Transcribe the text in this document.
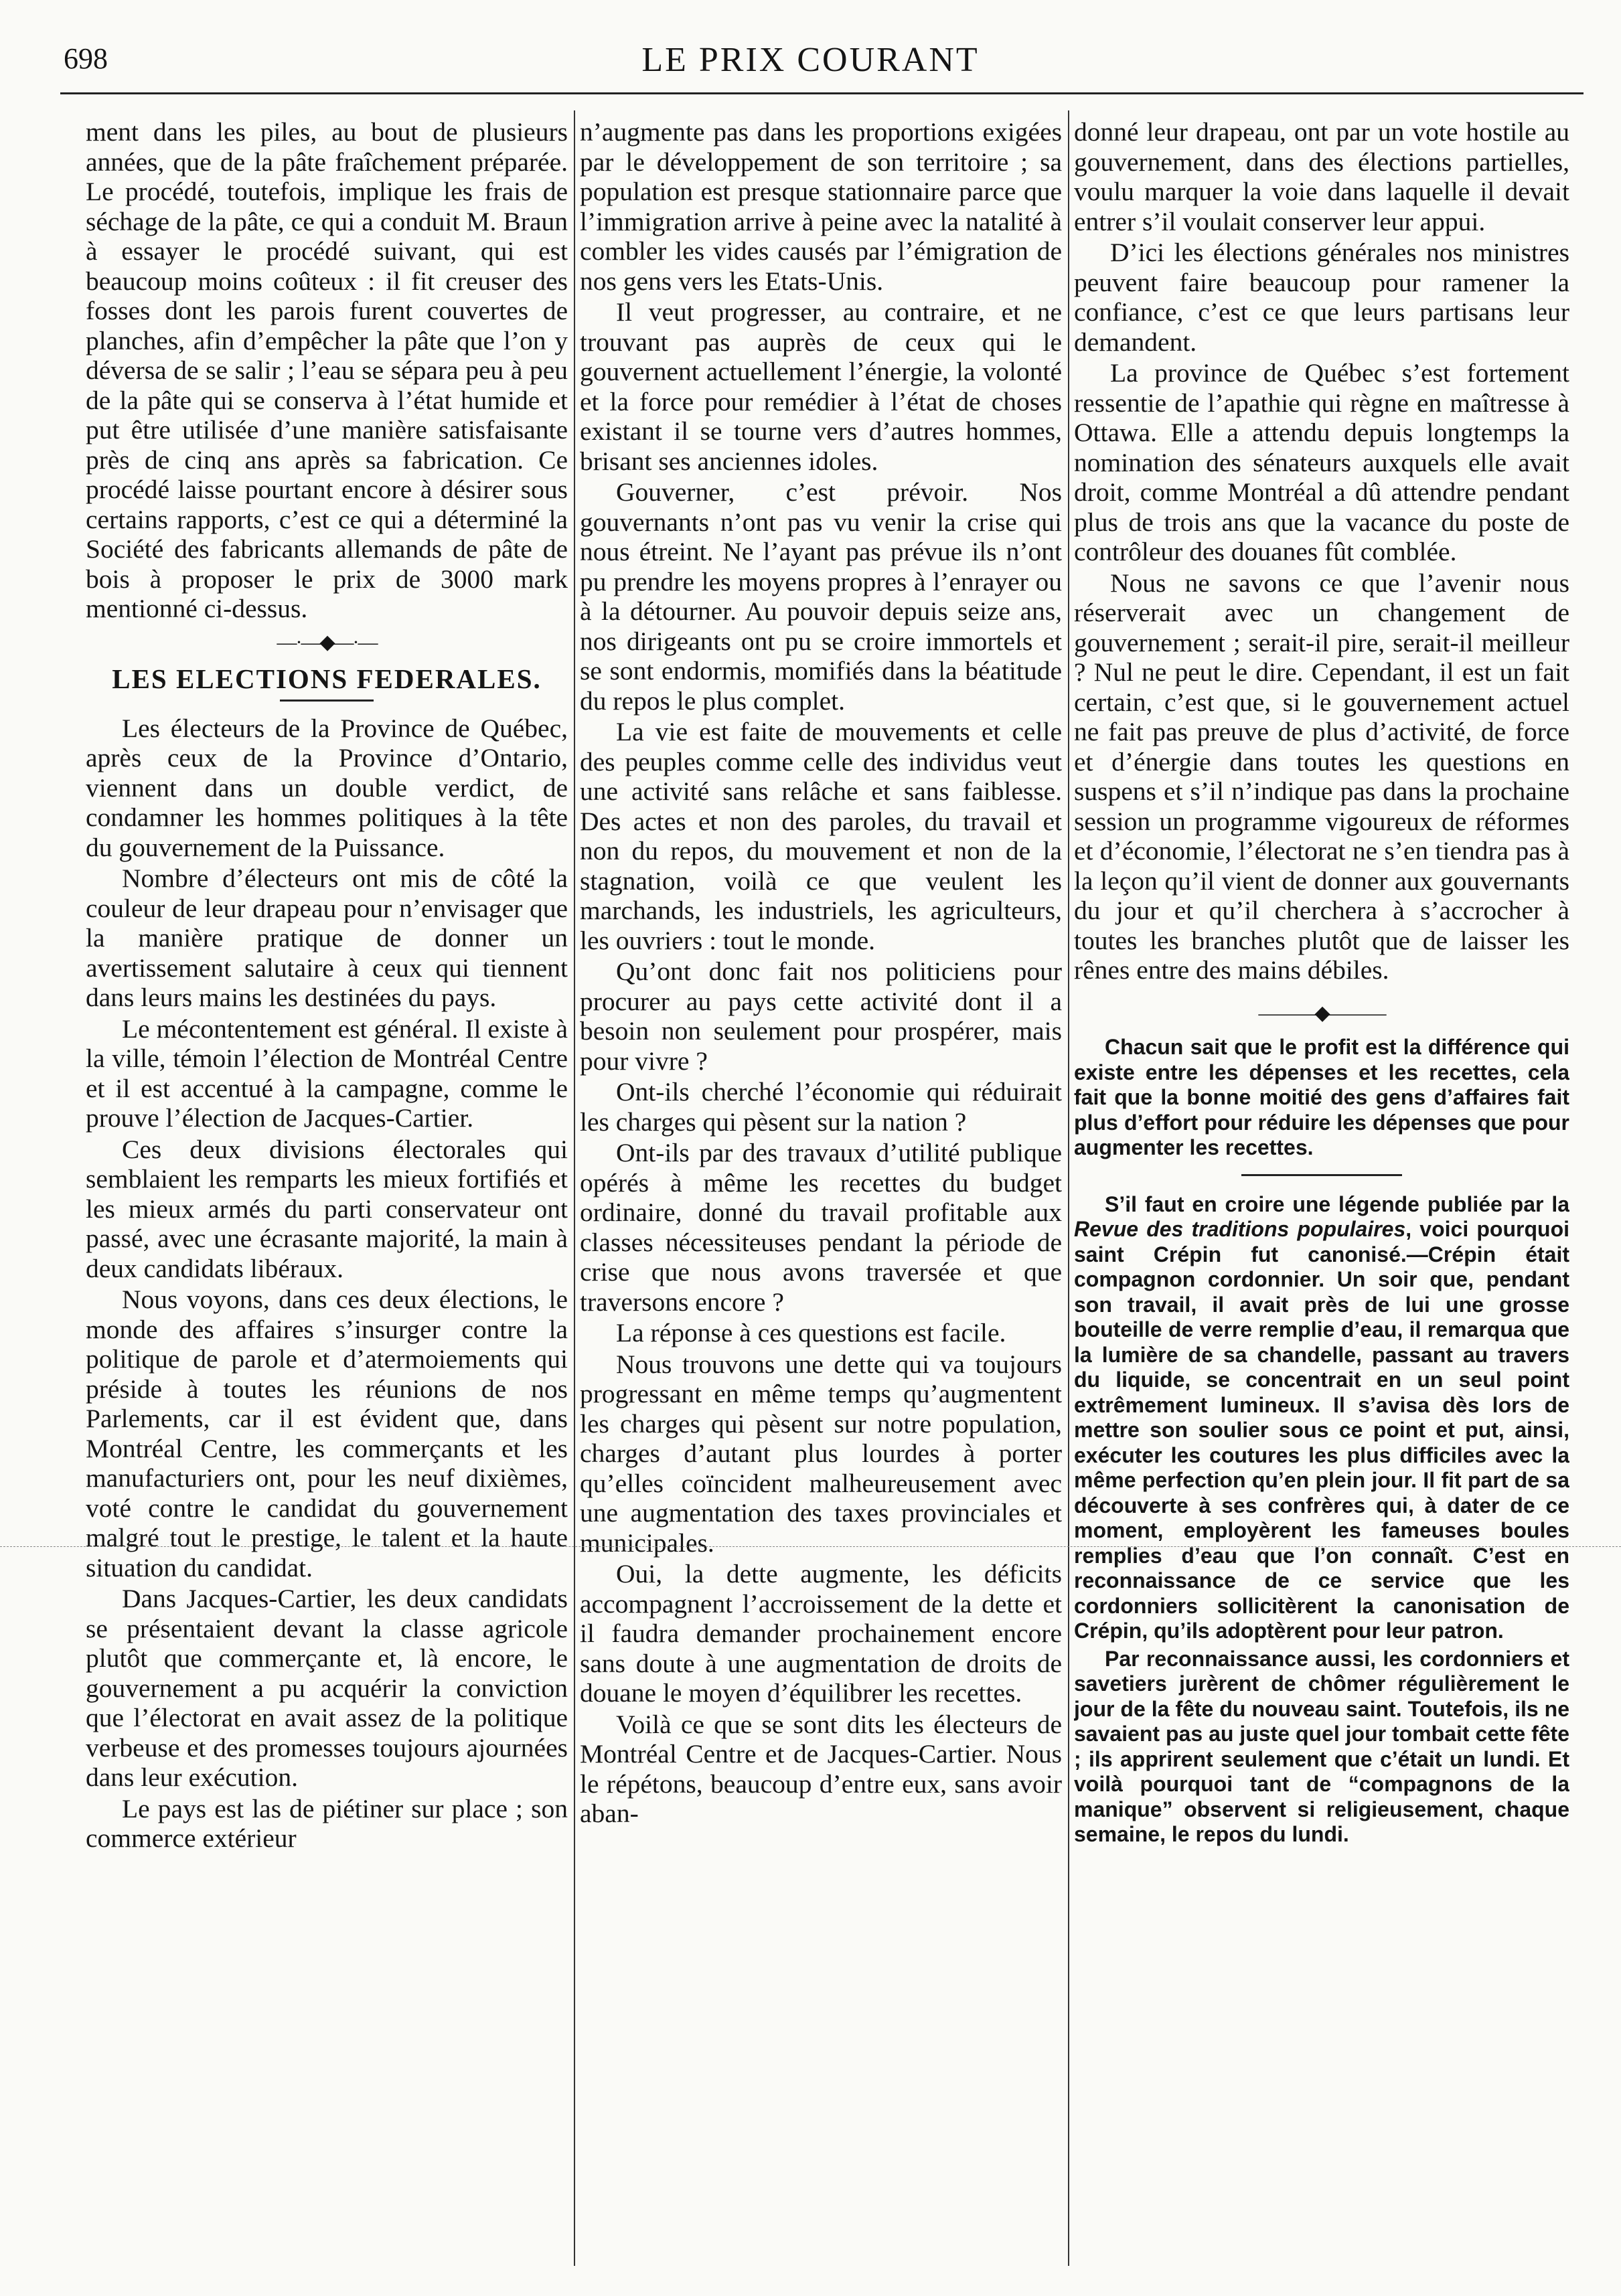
698	LE PRIX COURANT

ment dans les piles, au bout de plusieurs années, que de la pâte fraîchement préparée. Le procédé, toutefois, implique les frais de séchage de la pâte, ce qui a conduit M. Braun à essayer le procédé suivant, qui est beaucoup moins coûteux : il fit creuser des fosses dont les parois furent couvertes de planches, afin d’empêcher la pâte que l’on y déversa de se salir ; l’eau se sépara peu à peu de la pâte qui se conserva à l’état humide et put être utilisée d’une manière satisfaisante près de cinq ans après sa fabrication. Ce procédé laisse pourtant encore à désirer sous certains rapports, c’est ce qui a déterminé la Société des fabricants allemands de pâte de bois à proposer le prix de 3000 mark mentionné ci-dessus.

—·—◆—·—
LES ELECTIONS FEDERALES.

Les électeurs de la Province de Québec, après ceux de la Province d’Ontario, viennent dans un double verdict, de condamner les hommes politiques à la tête du gouvernement de la Puissance.

Nombre d’électeurs ont mis de côté la couleur de leur drapeau pour n’envisager que la manière pratique de donner un avertissement salutaire à ceux qui tiennent dans leurs mains les destinées du pays.

Le mécontentement est général. Il existe à la ville, témoin l’élection de Montréal Centre et il est accentué à la campagne, comme le prouve l’élection de Jacques-Cartier.

Ces deux divisions électorales qui semblaient les remparts les mieux fortifiés et les mieux armés du parti conservateur ont passé, avec une écrasante majorité, la main à deux candidats libéraux.

Nous voyons, dans ces deux élections, le monde des affaires s’insurger contre la politique de parole et d’atermoiements qui préside à toutes les réunions de nos Parlements, car il est évident que, dans Montréal Centre, les commerçants et les manufacturiers ont, pour les neuf dixièmes, voté contre le candidat du gouvernement malgré tout le prestige, le talent et la haute situation du candidat.

Dans Jacques-Cartier, les deux candidats se présentaient devant la classe agricole plutôt que commerçante et, là encore, le gouvernement a pu acquérir la conviction que l’électorat en avait assez de la politique verbeuse et des promesses toujours ajournées dans leur exécution.

Le pays est las de piétiner sur place ; son commerce extérieur

n’augmente pas dans les proportions exigées par le développement de son territoire ; sa population est presque stationnaire parce que l’immigration arrive à peine avec la natalité à combler les vides causés par l’émigration de nos gens vers les Etats-Unis.

Il veut progresser, au contraire, et ne trouvant pas auprès de ceux qui le gouvernent actuellement l’énergie, la volonté et la force pour remédier à l’état de choses existant il se tourne vers d’autres hommes, brisant ses anciennes idoles.

Gouverner, c’est prévoir. Nos gouvernants n’ont pas vu venir la crise qui nous étreint. Ne l’ayant pas prévue ils n’ont pu prendre les moyens propres à l’enrayer ou à la détourner. Au pouvoir depuis seize ans, nos dirigeants ont pu se croire immortels et se sont endormis, momifiés dans la béatitude du repos le plus complet.

La vie est faite de mouvements et celle des peuples comme celle des individus veut une activité sans relâche et sans faiblesse. Des actes et non des paroles, du travail et non du repos, du mouvement et non de la stagnation, voilà ce que veulent les marchands, les industriels, les agriculteurs, les ouvriers : tout le monde.

Qu’ont donc fait nos politiciens pour procurer au pays cette activité dont il a besoin non seulement pour prospérer, mais pour vivre ?

Ont-ils cherché l’économie qui réduirait les charges qui pèsent sur la nation ?

Ont-ils par des travaux d’utilité publique opérés à même les recettes du budget ordinaire, donné du travail profitable aux classes nécessiteuses pendant la période de crise que nous avons traversée et que traversons encore ?

La réponse à ces questions est facile.

Nous trouvons une dette qui va toujours progressant en même temps qu’augmentent les charges qui pèsent sur notre population, charges d’autant plus lourdes à porter qu’elles coïncident malheureusement avec une augmentation des taxes provinciales et municipales.

Oui, la dette augmente, les déficits accompagnent l’accroissement de la dette et il faudra demander prochainement encore sans doute à une augmentation de droits de douane le moyen d’équilibrer les recettes.

Voilà ce que se sont dits les électeurs de Montréal Centre et de Jacques-Cartier. Nous le répétons, beaucoup d’entre eux, sans avoir aban-

donné leur drapeau, ont par un vote hostile au gouvernement, dans des élections partielles, voulu marquer la voie dans laquelle il devait entrer s’il voulait conserver leur appui.

D’ici les élections générales nos ministres peuvent faire beaucoup pour ramener la confiance, c’est ce que leurs partisans leur demandent.

La province de Québec s’est fortement ressentie de l’apathie qui règne en maîtresse à Ottawa. Elle a attendu depuis longtemps la nomination des sénateurs auxquels elle avait droit, comme Montréal a dû attendre pendant plus de trois ans que la vacance du poste de contrôleur des douanes fût comblée.

Nous ne savons ce que l’avenir nous réserverait avec un changement de gouvernement ; serait-il pire, serait-il meilleur ? Nul ne peut le dire. Cependant, il est un fait certain, c’est que, si le gouvernement actuel ne fait pas preuve de plus d’activité, de force et d’énergie dans toutes les questions en suspens et s’il n’indique pas dans la prochaine session un programme vigoureux de réformes et d’économie, l’électorat ne s’en tiendra pas à la leçon qu’il vient de donner aux gouvernants du jour et qu’il cherchera à s’accrocher à toutes les branches plutôt que de laisser les rênes entre des mains débiles.

———◆———

Chacun sait que le profit est la différence qui existe entre les dépenses et les recettes, cela fait que la bonne moitié des gens d’affaires fait plus d’effort pour réduire les dépenses que pour augmenter les recettes.

S’il faut en croire une légende publiée par la Revue des traditions populaires, voici pourquoi saint Crépin fut canonisé.—Crépin était compagnon cordonnier. Un soir que, pendant son travail, il avait près de lui une grosse bouteille de verre remplie d’eau, il remarqua que la lumière de sa chandelle, passant au travers du liquide, se concentrait en un seul point extrêmement lumineux. Il s’avisa dès lors de mettre son soulier sous ce point et put, ainsi, exécuter les coutures les plus difficiles avec la même perfection qu’en plein jour. Il fit part de sa découverte à ses confrères qui, à dater de ce moment, employèrent les fameuses boules remplies d’eau que l’on connaît. C’est en reconnaissance de ce service que les cordonniers sollicitèrent la canonisation de Crépin, qu’ils adoptèrent pour leur patron.

Par reconnaissance aussi, les cordonniers et savetiers jurèrent de chômer régulièrement le jour de la fête du nouveau saint. Toutefois, ils ne savaient pas au juste quel jour tombait cette fête ; ils apprirent seulement que c’était un lundi. Et voilà pourquoi tant de “compagnons de la manique” observent si religieusement, chaque semaine, le repos du lundi.
